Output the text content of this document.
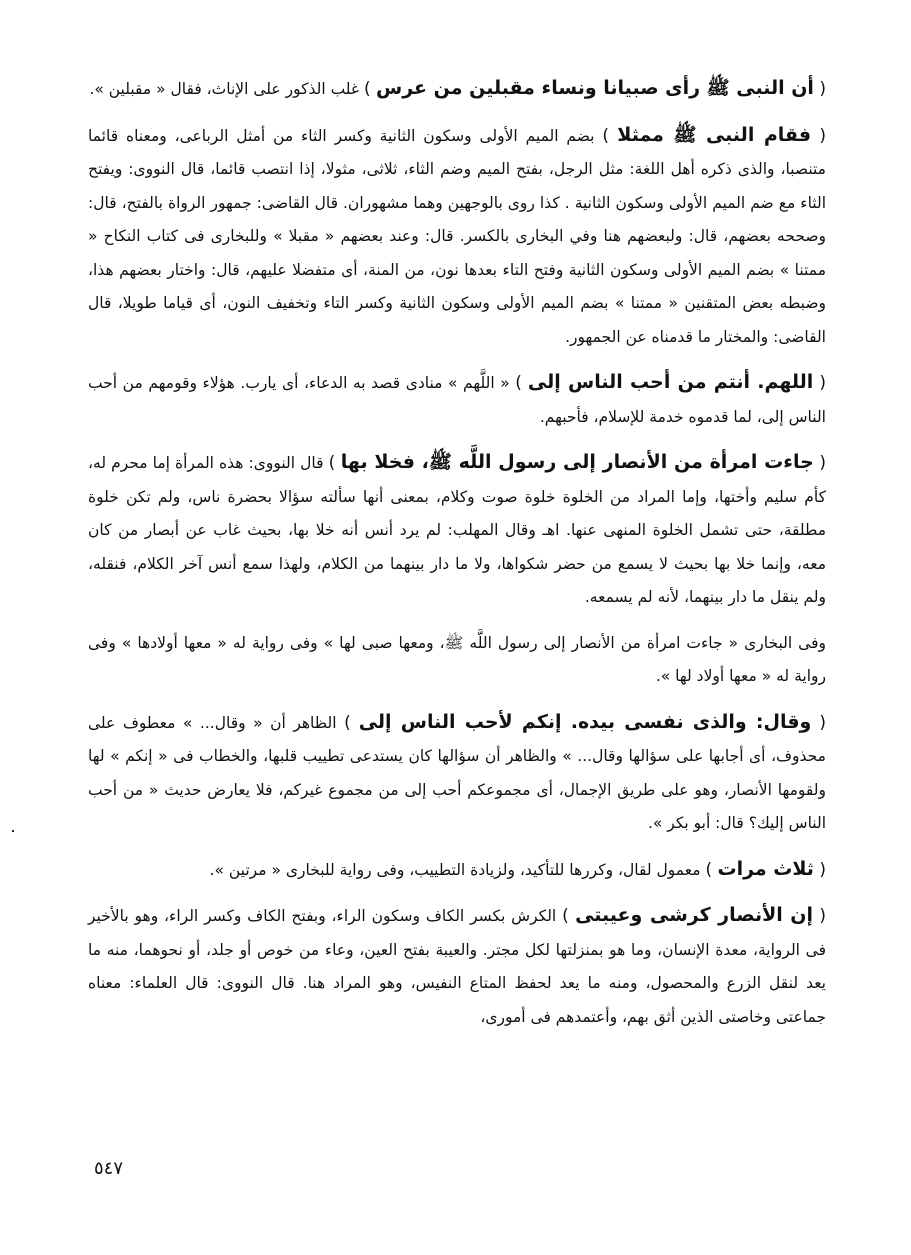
( أن النبى ﷺ رأى صبيانا ونساء مقبلين من عرس ) غلب الذكور على الإناث، فقال « مقبلين ».

( فقام النبى ﷺ ممثلا ) بضم الميم الأولى وسكون الثانية وكسر الثاء من أمثل الرباعى، ومعناه قائما متنصبا، والذى ذكره أهل اللغة: مثل الرجل، بفتح الميم وضم الثاء، ثلاثى، مثولا، إذا انتصب قائما، قال النووى: ويفتح الثاء مع ضم الميم الأولى وسكون الثانية . كذا روى بالوجهين وهما مشهوران. قال القاضى: جمهور الرواة بالفتح، قال: وصححه بعضهم، قال: ولبعضهم هنا وفي البخارى بالكسر. قال: وعند بعضهم « مقبلا » وللبخارى فى كتاب النكاح « ممتنا » بضم الميم الأولى وسكون الثانية وفتح التاء بعدها نون، من المنة، أى متفضلا عليهم، قال: واختار بعضهم هذا، وضبطه بعض المتقنين « ممتنا » بضم الميم الأولى وسكون الثانية وكسر التاء وتخفيف النون، أى قياما طويلا، قال القاضى: والمختار ما قدمناه عن الجمهور.

( اللهم. أنتم من أحب الناس إلى ) « اللَّهم » منادى قصد به الدعاء، أى يارب. هؤلاء وقومهم من أحب الناس إلى، لما قدموه خدمة للإسلام، فأحبهم.

( جاءت امرأة من الأنصار إلى رسول اللَّه ﷺ، فخلا بها ) قال النووى: هذه المرأة إما محرم له، كأم سليم وأختها، وإما المراد من الخلوة خلوة صوت وكلام، بمعنى أنها سألته سؤالا بحضرة ناس، ولم تكن خلوة مطلقة، حتى تشمل الخلوة المنهى عنها. اهـ وقال المهلب: لم يرد أنس أنه خلا بها، بحيث غاب عن أبصار من كان معه، وإنما خلا بها بحيث لا يسمع من حضر شكواها، ولا ما دار بينهما من الكلام، ولهذا سمع أنس آخر الكلام، فنقله، ولم ينقل ما دار بينهما، لأنه لم يسمعه.

وفى البخارى « جاءت امرأة من الأنصار إلى رسول اللَّه ﷺ، ومعها صبى لها » وفى رواية له « معها أولادها » وفى رواية له « معها أولاد لها ».

( وقال: والذى نفسى بيده. إنكم لأحب الناس إلى ) الظاهر أن « وقال... » معطوف على محذوف، أى أجابها على سؤالها وقال... » والظاهر أن سؤالها كان يستدعى تطييب قلبها، والخطاب فى « إنكم » لها ولقومها الأنصار، وهو على طريق الإجمال، أى مجموعكم أحب إلى من مجموع غيركم، فلا يعارض حديث « من أحب الناس إليك؟ قال: أبو بكر ».

( ثلاث مرات ) معمول لقال، وكررها للتأكيد، ولزيادة التطييب، وفى رواية للبخارى « مرتين ».

( إن الأنصار كرشى وعيبتى ) الكرش بكسر الكاف وسكون الراء، وبفتح الكاف وكسر الراء، وهو بالأخير فى الرواية، معدة الإنسان، وما هو بمنزلتها لكل مجتر. والعيبة بفتح العين، وعاء من خوص أو جلد، أو نحوهما، منه ما يعد لنقل الزرع والمحصول، ومنه ما يعد لحفظ المتاع النفيس، وهو المراد هنا. قال النووى: قال العلماء: معناه جماعتى وخاصتى الذين أثق بهم، وأعتمدهم فى أمورى،

٥٤٧
